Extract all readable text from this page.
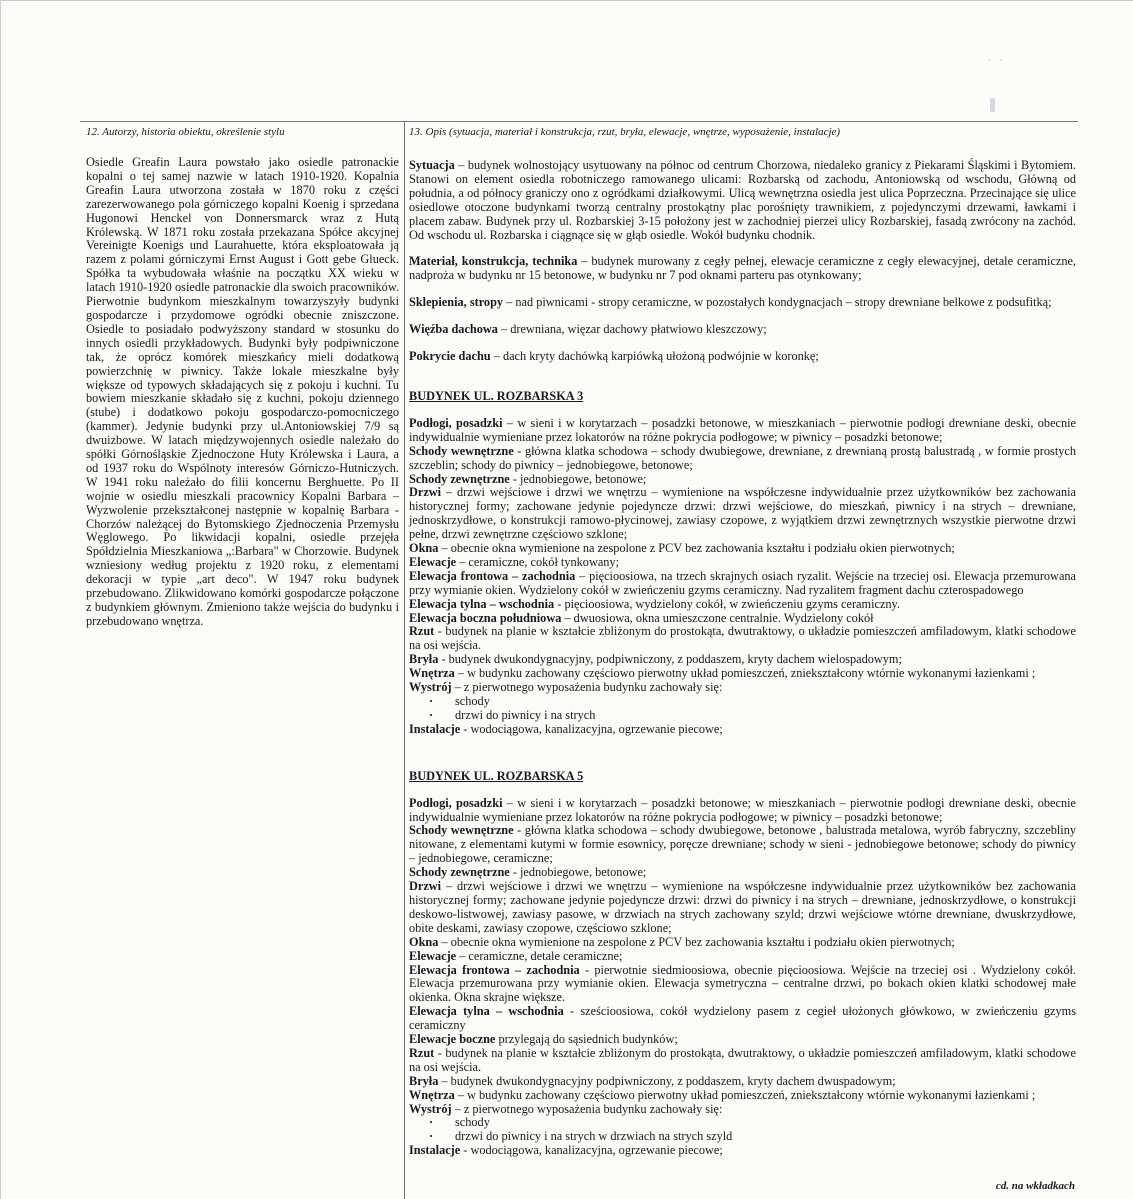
´ ´
12. Autorzy, historia obiektu, określenie stylu

Osiedle Greafin Laura powstało jako osiedle patronackie kopalni o tej samej nazwie w latach 1910-1920. Kopalnia Greafin Laura utworzona została w 1870 roku z części zarezerwowanego pola górniczego kopalni Koenig i sprzedana Hugonowi Henckel von Donnersmarck wraz z Hutą Królewską. W 1871 roku została przekazana Spółce akcyjnej Vereinigte Koenigs und Laurahuette, która eksploatowała ją razem z polami górniczymi Ernst August i Gott gebe Glueck. Spółka ta wybudowała właśnie na początku XX wieku w latach 1910-1920 osiedle patronackie dla swoich pracowników. Pierwotnie budynkom mieszkalnym towarzyszyły budynki gospodarcze i przydomowe ogródki obecnie zniszczone. Osiedle to posiadało podwyższony standard w stosunku do innych osiedli przykładowych. Budynki były podpiwniczone tak, że oprócz komórek mieszkańcy mieli dodatkową powierzchnię w piwnicy. Także lokale mieszkalne były większe od typowych składających się z pokoju i kuchni. Tu bowiem mieszkanie składało się z kuchni, pokoju dziennego (stube) i dodatkowo pokoju gospodarczo-pomocniczego (kammer). Jedynie budynki przy ul.Antoniowskiej 7/9 są dwuizbowe. W latach międzywojennych osiedle należało do spółki Górnośląskie Zjednoczone Huty Królewska i Laura, a od 1937 roku do Wspólnoty interesów Górniczo-Hutniczych. W 1941 roku należało do filii koncernu Berghuette. Po II wojnie w osiedlu mieszkali pracownicy Kopalni Barbara – Wyzwolenie przekształconej następnie w kopalnię Barbara - Chorzów należącej do Bytomskiego Zjednoczenia Przemysłu Węglowego. Po likwidacji kopalni, osiedle przejęła Spółdzielnia Mieszkaniowa „:Barbara" w Chorzowie. Budynek wzniesiony według projektu z 1920 roku, z elementami dekoracji w typie „art deco". W 1947 roku budynek przebudowano. Zlikwidowano komórki gospodarcze połączone z budynkiem głównym. Zmieniono także wejścia do budynku i przebudowano wnętrza.

13. Opis (sytuacja, materiał i konstrukcja, rzut, bryła, elewacje, wnętrze, wyposażenie, instalacje)

Sytuacja – budynek wolnostojący usytuowany na północ od centrum Chorzowa, niedaleko granicy z Piekarami Śląskimi i Bytomiem. Stanowi on element osiedla robotniczego ramowanego ulicami: Rozbarską od zachodu, Antoniowską od wschodu, Główną od południa, a od północy graniczy ono z ogródkami działkowymi. Ulicą wewnętrzna osiedla jest ulica Poprzeczna. Przecinające się ulice osiedlowe otoczone budynkami tworzą centralny prostokątny plac porośnięty trawnikiem, z pojedynczymi drzewami, ławkami i placem zabaw. Budynek przy ul. Rozbarskiej 3-15 położony jest w zachodniej pierzei ulicy Rozbarskiej, fasadą zwrócony na zachód. Od wschodu ul. Rozbarska i ciągnące się w głąb osiedle. Wokół budynku chodnik.

Materiał, konstrukcja, technika – budynek murowany z cegły pełnej, elewacje ceramiczne z cegły elewacyjnej, detale ceramiczne, nadproża w budynku nr 15 betonowe, w budynku nr 7 pod oknami parteru pas otynkowany;

Sklepienia, stropy – nad piwnicami - stropy ceramiczne, w pozostałych kondygnacjach – stropy drewniane belkowe z podsufitką;

Więźba dachowa – drewniana, więzar dachowy płatwiowo kleszczowy;

Pokrycie dachu – dach kryty dachówką karpiówką ułożoną podwójnie w koronkę;

BUDYNEK UL. ROZBARSKA 3

Podłogi, posadzki – w sieni i w korytarzach – posadzki betonowe, w mieszkaniach – pierwotnie podłogi drewniane deski, obecnie indywidualnie wymieniane przez lokatorów na różne pokrycia podłogowe; w piwnicy – posadzki betonowe;

Schody wewnętrzne - główna klatka schodowa – schody dwubiegowe, drewniane, z drewnianą prostą balustradą , w formie prostych szczeblin; schody do piwnicy – jednobiegowe, betonowe;

Schody zewnętrzne - jednobiegowe, betonowe;

Drzwi – drzwi wejściowe i drzwi we wnętrzu – wymienione na współczesne indywidualnie przez użytkowników bez zachowania historycznej formy; zachowane jedynie pojedyncze drzwi: drzwi wejściowe, do mieszkań, piwnicy i na strych – drewniane, jednoskrzydłowe, o konstrukcji ramowo-płycinowej, zawiasy czopowe, z wyjątkiem drzwi zewnętrznych wszystkie pierwotne drzwi pełne, drzwi zewnętrzne częściowo szklone;

Okna – obecnie okna wymienione na zespolone z PCV bez zachowania kształtu i podziału okien pierwotnych;

Elewacje – ceramiczne, cokół tynkowany;

Elewacja frontowa – zachodnia – pięcioosiowa, na trzech skrajnych osiach ryzalit. Wejście na trzeciej osi. Elewacja przemurowana przy wymianie okien. Wydzielony cokół w zwieńczeniu gzyms ceramiczny. Nad ryzalitem fragment dachu czterospadowego

Elewacja tylna – wschodnia - pięcioosiowa, wydzielony cokół, w zwieńczeniu gzyms ceramiczny.

Elewacja boczna południowa – dwuosiowa, okna umieszczone centralnie. Wydzielony cokół

Rzut - budynek na planie w kształcie zbliżonym do prostokąta, dwutraktowy, o układzie pomieszczeń amfiladowym, klatki schodowe na osi wejścia.

Bryła - budynek dwukondygnacyjny, podpiwniczony, z poddaszem, kryty dachem wielospadowym;

Wnętrza – w budynku zachowany częściowo pierwotny układ pomieszczeń, zniekształcony wtórnie wykonanymi łazienkami ;

Wystrój – z pierwotnego wyposażenia budynku zachowały się:

· schody
· drzwi do piwnicy i na strych

Instalacje - wodociągowa, kanalizacyjna, ogrzewanie piecowe;

BUDYNEK UL. ROZBARSKA 5

Podłogi, posadzki – w sieni i w korytarzach – posadzki betonowe; w mieszkaniach – pierwotnie podłogi drewniane deski, obecnie indywidualnie wymieniane przez lokatorów na różne pokrycia podłogowe; w piwnicy – posadzki betonowe;

Schody wewnętrzne - główna klatka schodowa – schody dwubiegowe, betonowe , balustrada metalowa, wyrób fabryczny, szczebliny nitowane, z elementami kutymi w formie esownicy, poręcze drewniane; schody w sieni - jednobiegowe betonowe; schody do piwnicy – jednobiegowe, ceramiczne;

Schody zewnętrzne - jednobiegowe, betonowe;

Drzwi – drzwi wejściowe i drzwi we wnętrzu – wymienione na współczesne indywidualnie przez użytkowników bez zachowania historycznej formy; zachowane jedynie pojedyncze drzwi: drzwi do piwnicy i na strych – drewniane, jednoskrzydłowe, o konstrukcji deskowo-listwowej, zawiasy pasowe, w drzwiach na strych zachowany szyld; drzwi wejściowe wtórne drewniane, dwuskrzydłowe, obite deskami, zawiasy czopowe, częściowo szklone;

Okna – obecnie okna wymienione na zespolone z PCV bez zachowania kształtu i podziału okien pierwotnych;

Elewacje – ceramiczne, detale ceramiczne;

Elewacja frontowa – zachodnia - pierwotnie siedmioosiowa, obecnie pięcioosiowa. Wejście na trzeciej osi . Wydzielony cokół. Elewacja przemurowana przy wymianie okien. Elewacja symetryczna – centralne drzwi, po bokach okien klatki schodowej małe okienka. Okna skrajne większe.

Elewacja tylna – wschodnia - sześcioosiowa, cokół wydzielony pasem z cegieł ułożonych główkowo, w zwieńczeniu gzyms ceramiczny

Elewacje boczne przylegają do sąsiednich budynków;

Rzut - budynek na planie w kształcie zbliżonym do prostokąta, dwutraktowy, o układzie pomieszczeń amfiladowym, klatki schodowe na osi wejścia.

Bryła – budynek dwukondygnacyjny podpiwniczony, z poddaszem, kryty dachem dwuspadowym;

Wnętrza – w budynku zachowany częściowo pierwotny układ pomieszczeń, zniekształcony wtórnie wykonanymi łazienkami ;

Wystrój – z pierwotnego wyposażenia budynku zachowały się:

· schody
· drzwi do piwnicy i na strych w drzwiach na strych szyld

Instalacje - wodociągowa, kanalizacyjna, ogrzewanie piecowe;

cd. na wkładkach
